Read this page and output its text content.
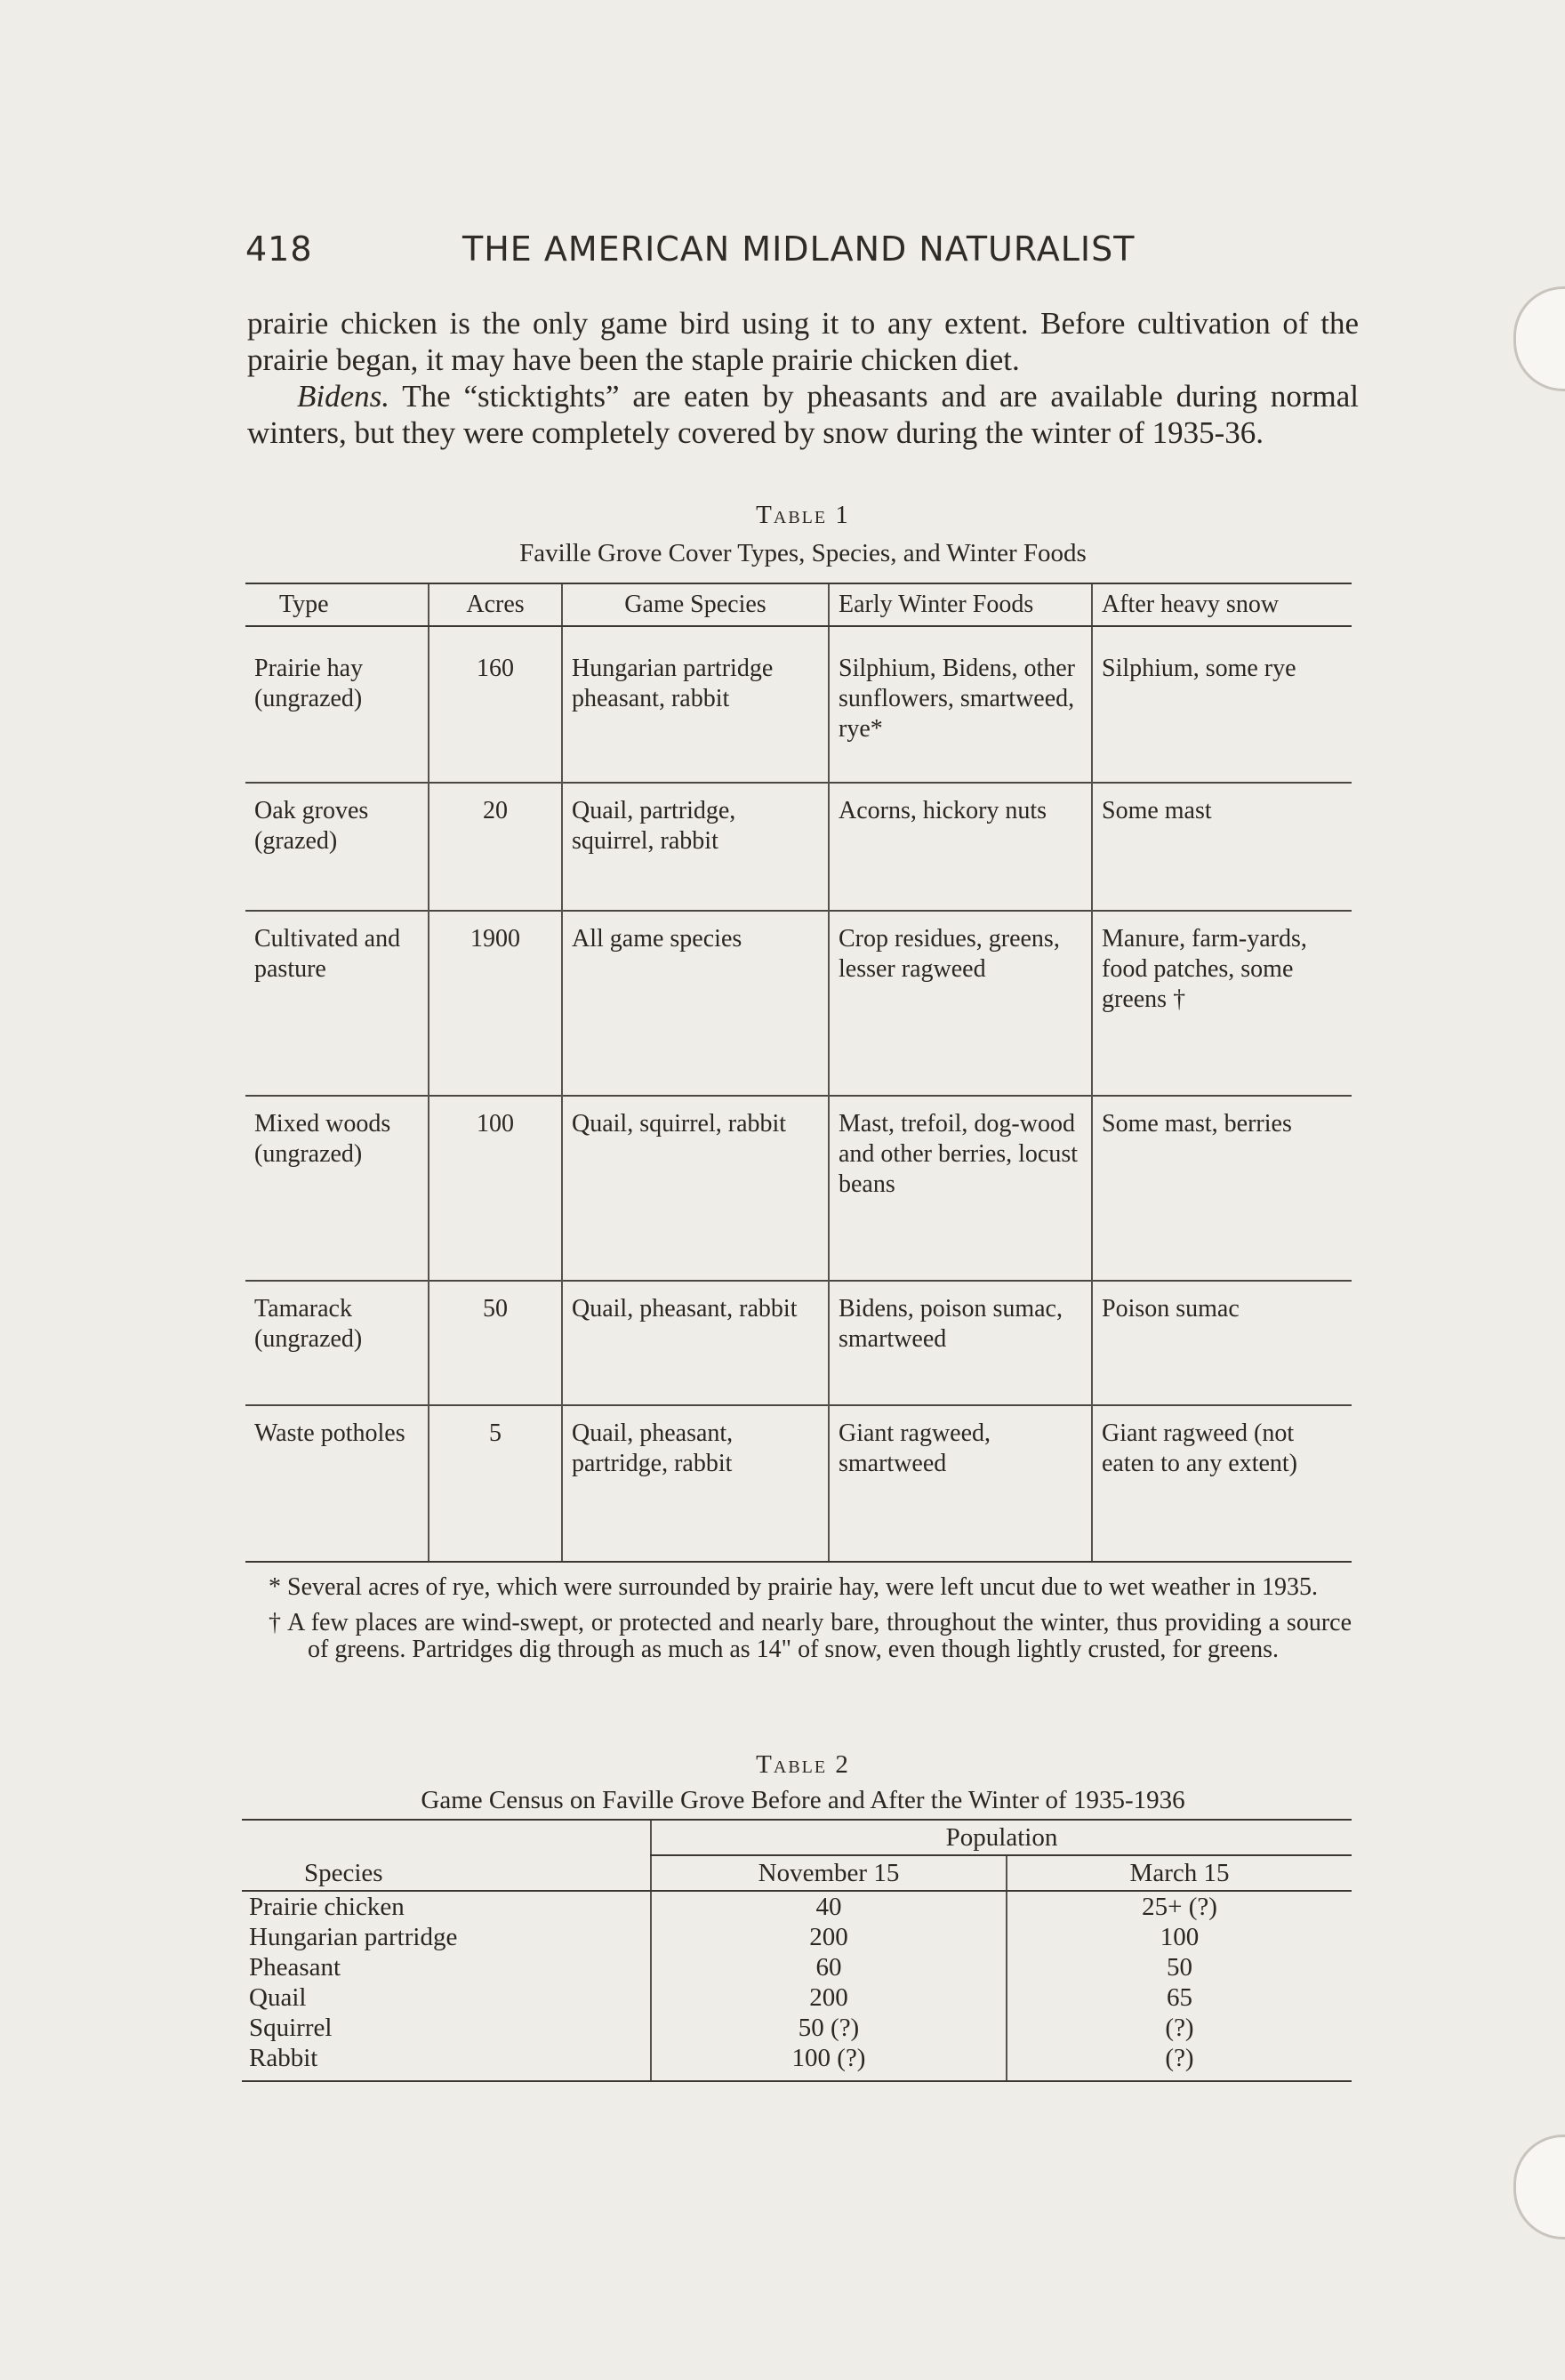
418	THE AMERICAN MIDLAND NATURALIST

prairie chicken is the only game bird using it to any extent. Before cultivation of the prairie began, it may have been the staple prairie chicken diet.

Bidens. The “sticktights” are eaten by pheasants and are available during normal winters, but they were completely covered by snow during the winter of 1935-36.

Table 1
Faville Grove Cover Types, Species, and Winter Foods
Type	Acres	Game Species	Early Winter Foods	After heavy snow
Prairie hay (ungrazed)	160	Hungarian partridge pheasant, rabbit	Silphium, Bidens, other sunflowers, smartweed, rye*	Silphium, some rye
Oak groves (grazed)	20	Quail, partridge, squirrel, rabbit	Acorns, hickory nuts	Some mast
Cultivated and pasture	1900	All game species	Crop residues, greens, lesser ragweed	Manure, farm-yards, food patches, some greens †
Mixed woods (ungrazed)	100	Quail, squirrel, rabbit	Mast, trefoil, dog-wood and other berries, locust beans	Some mast, berries
Tamarack (ungrazed)	50	Quail, pheasant, rabbit	Bidens, poison sumac, smartweed	Poison sumac
Waste potholes	5	Quail, pheasant, partridge, rabbit	Giant ragweed, smartweed	Giant ragweed (not eaten to any extent)

* Several acres of rye, which were surrounded by prairie hay, were left uncut due to wet weather in 1935.

† A few places are wind-swept, or protected and nearly bare, throughout the winter, thus providing a source of greens. Partridges dig through as much as 14" of snow, even though lightly crusted, for greens.

Table 2
Game Census on Faville Grove Before and After the Winter of 1935-1936
Species	Population	
	November 15	March 15
Prairie chicken	40	25+ (?)
Hungarian partridge	200	100
Pheasant	60	50
Quail	200	65
Squirrel	50 (?)	(?)
Rabbit	100 (?)	(?)
